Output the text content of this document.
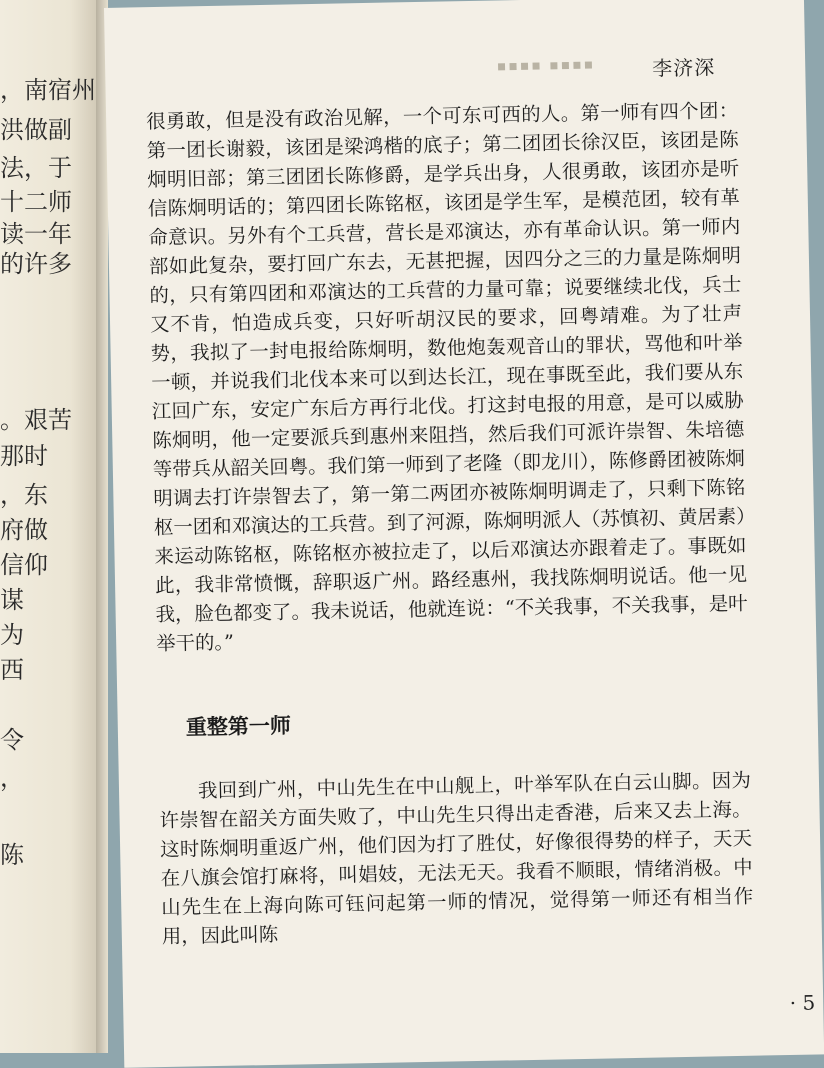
南宿州，
洪做副
法，于
十二师
读一年
的许多
艰苦。
那时
东，
府做
信仰
谋
为
西
令
，
陈
▪▪▪▪ ▪▪▪▪	李济深
很勇敢，但是没有政治见解，一个可东可西的人。第一师有四个团：第一团长谢毅，该团是梁鸿楷的底子；第二团团长徐汉臣，该团是陈炯明旧部；第三团团长陈修爵，是学兵出身，人很勇敢，该团亦是听信陈炯明话的；第四团长陈铭枢，该团是学生军，是模范团，较有革命意识。另外有个工兵营，营长是邓演达，亦有革命认识。第一师内部如此复杂，要打回广东去，无甚把握，因四分之三的力量是陈炯明的，只有第四团和邓演达的工兵营的力量可靠；说要继续北伐，兵士又不肯，怕造成兵变，只好听胡汉民的要求，回粤靖难。为了壮声势，我拟了一封电报给陈炯明，数他炮轰观音山的罪状，骂他和叶举一顿，并说我们北伐本来可以到达长江，现在事既至此，我们要从东江回广东，安定广东后方再行北伐。打这封电报的用意，是可以威胁陈炯明，他一定要派兵到惠州来阻挡，然后我们可派许崇智、朱培德等带兵从韶关回粤。我们第一师到了老隆（即龙川），陈修爵团被陈炯明调去打许崇智去了，第一第二两团亦被陈炯明调走了，只剩下陈铭枢一团和邓演达的工兵营。到了河源，陈炯明派人（苏慎初、黄居素）来运动陈铭枢，陈铭枢亦被拉走了，以后邓演达亦跟着走了。事既如此，我非常愤慨，辞职返广州。路经惠州，我找陈炯明说话。他一见我，脸色都变了。我未说话，他就连说：“不关我事，不关我事，是叶举干的。”
重整第一师
我回到广州，中山先生在中山舰上，叶举军队在白云山脚。因为许崇智在韶关方面失败了，中山先生只得出走香港，后来又去上海。这时陈炯明重返广州，他们因为打了胜仗，好像很得势的样子，天天在八旗会馆打麻将，叫娼妓，无法无天。我看不顺眼，情绪消极。中山先生在上海向陈可钰问起第一师的情况，觉得第一师还有相当作用，因此叫陈
· 5
